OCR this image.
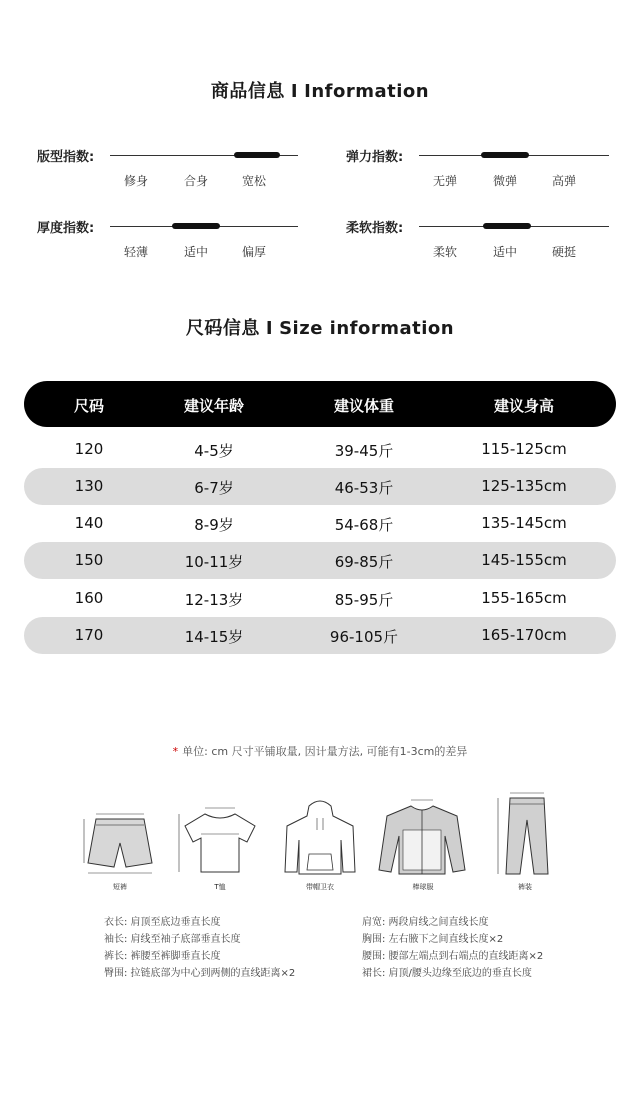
商品信息 I Information
版型指数:
修身	合身	宽松
弹力指数:
无弹	微弹	高弹
厚度指数:
轻薄	适中	偏厚
柔软指数:
柔软	适中	硬挺
尺码信息 I Size information
尺码	建议年龄	建议体重	建议身高
120	4-5岁	39-45斤	115-125cm
130	6-7岁	46-53斤	125-135cm
140	8-9岁	54-68斤	135-145cm
150	10-11岁	69-85斤	145-155cm
160	12-13岁	85-95斤	155-165cm
170	14-15岁	96-105斤	165-170cm
* 单位: cm 尺寸平铺取量, 因计量方法, 可能有1-3cm的差异
短裤	T恤	带帽卫衣	棒球服	裤装
衣长: 肩顶至底边垂直长度
袖长: 肩线至袖子底部垂直长度
裤长: 裤腰至裤脚垂直长度
臀围: 拉链底部为中心到两侧的直线距离×2
肩宽: 两段肩线之间直线长度
胸围: 左右腋下之间直线长度×2
腰围: 腰部左端点到右端点的直线距离×2
裙长: 肩顶/腰头边缘至底边的垂直长度
